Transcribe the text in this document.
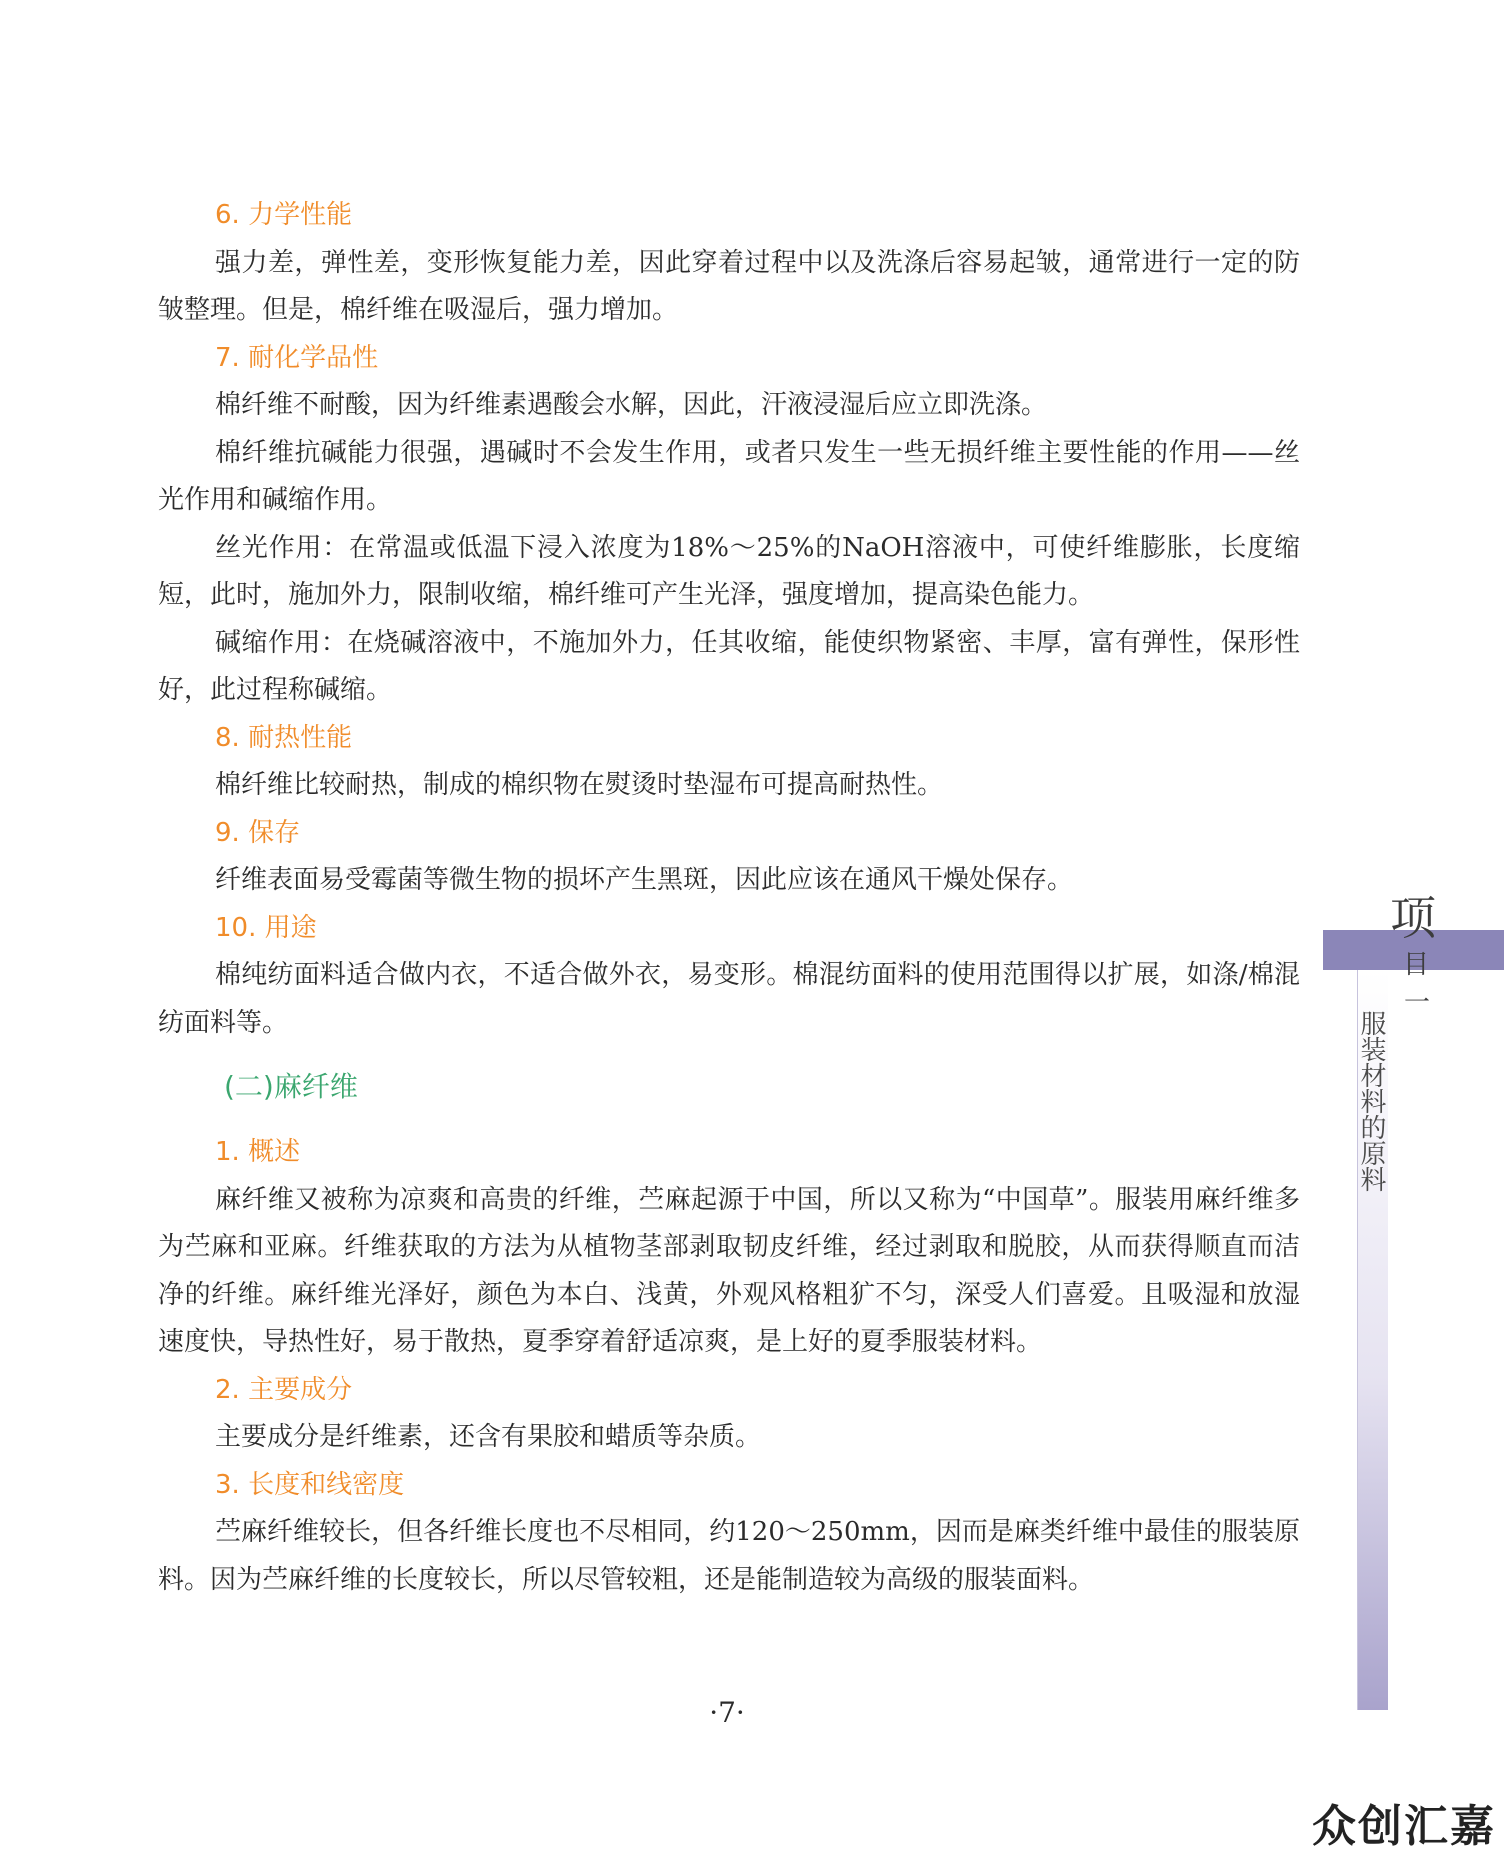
6. 力学性能

强力差，弹性差，变形恢复能力差，因此穿着过程中以及洗涤后容易起皱，通常进行一定的防皱整理。但是，棉纤维在吸湿后，强力增加。

7. 耐化学品性

棉纤维不耐酸，因为纤维素遇酸会水解，因此，汗液浸湿后应立即洗涤。

棉纤维抗碱能力很强，遇碱时不会发生作用，或者只发生一些无损纤维主要性能的作用——丝光作用和碱缩作用。

丝光作用：在常温或低温下浸入浓度为18%～25%的NaOH溶液中，可使纤维膨胀，长度缩短，此时，施加外力，限制收缩，棉纤维可产生光泽，强度增加，提高染色能力。

碱缩作用：在烧碱溶液中，不施加外力，任其收缩，能使织物紧密、丰厚，富有弹性，保形性好，此过程称碱缩。

8. 耐热性能

棉纤维比较耐热，制成的棉织物在熨烫时垫湿布可提高耐热性。

9. 保存

纤维表面易受霉菌等微生物的损坏产生黑斑，因此应该在通风干燥处保存。

10. 用途

棉纯纺面料适合做内衣，不适合做外衣，易变形。棉混纺面料的使用范围得以扩展，如涤/棉混纺面料等。

(二)麻纤维
1. 概述

麻纤维又被称为凉爽和高贵的纤维，苎麻起源于中国，所以又称为“中国草”。服装用麻纤维多为苎麻和亚麻。纤维获取的方法为从植物茎部剥取韧皮纤维，经过剥取和脱胶，从而获得顺直而洁净的纤维。麻纤维光泽好，颜色为本白、浅黄，外观风格粗犷不匀，深受人们喜爱。且吸湿和放湿速度快，导热性好，易于散热，夏季穿着舒适凉爽，是上好的夏季服装材料。

2. 主要成分

主要成分是纤维素，还含有果胶和蜡质等杂质。

3. 长度和线密度

苎麻纤维较长，但各纤维长度也不尽相同，约120～250mm，因而是麻类纤维中最佳的服装原料。因为苎麻纤维的长度较长，所以尽管较粗，还是能制造较为高级的服装面料。

·7·
项
目
一
服装材料的原料
众创汇嘉
